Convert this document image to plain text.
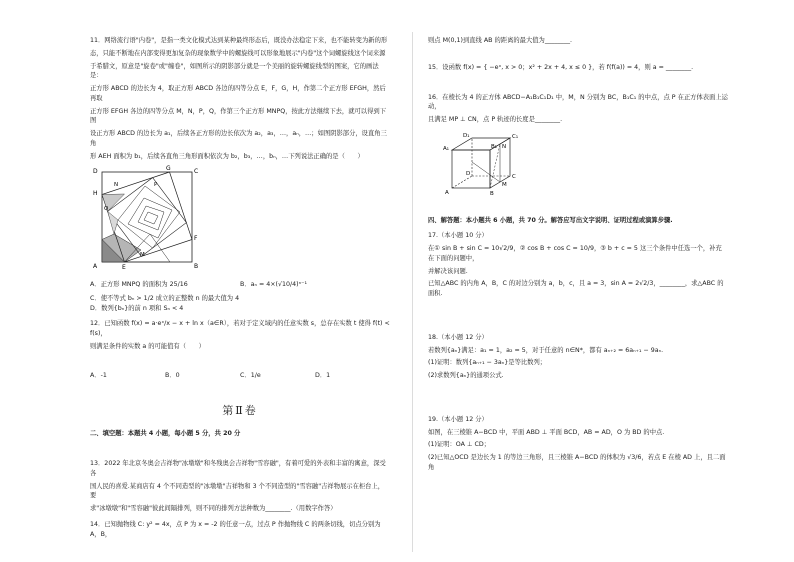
11．网络流行语"内卷"，是指一类文化模式达到某种最终形态后，既没办法稳定下来，也不能转变为新的形

态，只能不断地在内部变得更加复杂的现象数学中的螺旋线可以形象地展示"内卷"这个词螺旋线这个词来源

于希腊文，原意是"旋卷"或"缠卷"，如图所示的阴影部分就是一个美丽的旋转螺旋线型的图案，它的画法是：

正方形 ABCD 的边长为 4，取正方形 ABCD 各边的四等分点 E，F，G，H，作第二个正方形 EFGH，然后再取

正方形 EFGH 各边的四等分点 M，N，P，Q，作第三个正方形 MNPQ，按此方法继续下去，就可以得到下图

设正方形 ABCD 的边长为 a₁，后续各正方形的边长依次为 a₂，a₃，…，aₙ，…；如图阴影部分，设直角三角

形 AEH 面积为 b₁，后续各直角三角形面积依次为 b₂，b₃，…，bₙ，…下列说法正确的是（　　）

D	G	C
N	P
Q
M
F
H
A	E	B
A．正方形 MNPQ 的面积为 25/16	B．aₙ = 4×(√10/4)ⁿ⁻¹
C．使不等式 bₙ > 1/2 成立的正整数 n 的最大值为 4　D．数列{bₙ}的前 n 项和 Sₙ < 4

12．已知函数 f(x) = a·eˣ/x − x + ln x（a∈R），若对于定义域内的任意实数 s，总存在实数 t 使得 f(t) < f(s)，

则满足条件的实数 a 的可能值有（　　）

A．-1	B．0	C．1/e	D．1
第Ⅱ卷
二、填空题：本题共 4 小题，每小题 5 分，共 20 分

13．2022 年北京冬奥会吉祥物"冰墩墩"和冬残奥会吉祥物"雪容融"，有着可爱的外表和丰富的寓意，深受各

国人民的喜爱.某商店有 4 个不同造型的"冰墩墩"吉祥物和 3 个不同造型的"雪容融"吉祥物展示在柜台上，要

求"冰墩墩"和"雪容融"彼此间隔排列，则不同的排列方法种数为________.（用数字作答）

14．已知抛物线 C: y² = 4x，点 P 为 x = -2 的任意一点，过点 P 作抛物线 C 的两条切线，切点分别为 A，B，

则点 M(0,1)到直线 AB 的距离的最大值为________.

15．设函数 f(x) = { −eˣ, x > 0；x² + 2x + 4, x ≤ 0 }，若 f(f(a)) = 4，则 a = ________.

16．在棱长为 4 的正方体 ABCD−A₁B₁C₁D₁ 中，M，N 分别为 BC，B₁C₁ 的中点，点 P 在正方体表面上运动，

且满足 MP ⊥ CN，点 P 轨迹的长度是________.

D₁	C₁
A₁	B₁ N
M
D	C
A	B
四、解答题：本小题共 6 小题，共 70 分。解答应写出文字说明、证明过程或演算步骤.

17.（本小题 10 分）

在① sin B + sin C = 10√2/9，② cos B + cos C = 10/9，③ b + c = 5 这三个条件中任选一个，补充在下面的问题中，

并解决该问题.

已知△ABC 的内角 A，B，C 的对边分别为 a，b，c，且 a = 3，sin A = 2√2/3，________，求△ABC 的面积.

18.（本小题 12 分）

若数列{aₙ}满足：a₁ = 1，a₂ = 5，对于任意的 n∈N*，都有 aₙ₊₂ = 6aₙ₊₁ − 9aₙ.

(1)证明：数列{aₙ₊₁ − 3aₙ}是等比数列；

(2)求数列{aₙ}的通项公式.

19.（本小题 12 分）

如图，在三棱锥 A−BCD 中，平面 ABD ⊥ 平面 BCD，AB = AD，O 为 BD 的中点.

(1)证明：OA ⊥ CD；

(2)已知△OCD 是边长为 1 的等边三角形，且三棱锥 A−BCD 的体积为 √3/6，若点 E 在棱 AD 上，且二面角
